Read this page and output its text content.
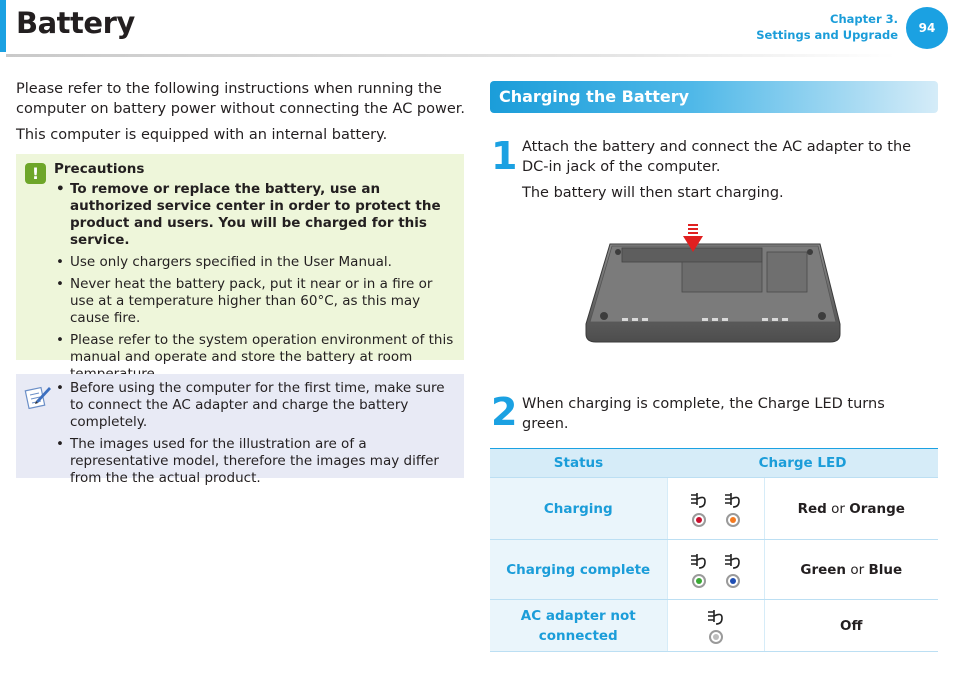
Battery	Chapter 3.
Settings and Upgrade	94

Please refer to the following instructions when running the computer on battery power without connecting the AC power.

This computer is equipped with an internal battery.

!	Precautions
• To remove or replace the battery, use an authorized service center in order to protect the product and users. You will be charged for this service.
• Use only chargers specified in the User Manual.
• Never heat the battery pack, put it near or in a fire or use at a temperature higher than 60°C, as this may cause fire.
• Please refer to the system operation environment of this manual and operate and store the battery at room
• Before using the computer for the first time, make sure to connect the AC adapter and charge the battery completely.
• The images used for the illustration are of a representative model, therefore the images may differ from the the actual product.
Charging the Battery
1 Attach the battery and connect the AC adapter to the DC-in jack of the computer.
The battery will then start charging.
2 When charging is complete, the Charge LED turns green.
Status	Charge LED	
Charging		Red or Orange
Charging complete		Green or Blue
AC adapter not connected		Off
